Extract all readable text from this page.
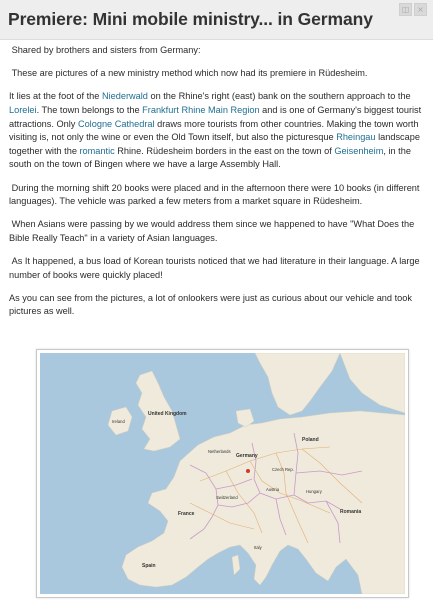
Premiere: Mini mobile ministry... in Germany	◫ ×

Shared by brothers and sisters from Germany:

These are pictures of a new ministry method which now had its premiere in Rüdesheim.

It lies at the foot of the Niederwald on the Rhine's right (east) bank on the southern approach to the Lorelei. The town belongs to the Frankfurt Rhine Main Region and is one of Germany's biggest tourist attractions. Only Cologne Cathedral draws more tourists from other countries. Making the town worth visiting is, not only the wine or even the Old Town itself, but also the picturesque Rheingau landscape together with the romantic Rhine. Rüdesheim borders in the east on the town of Geisenheim, in the south on the town of Bingen where we have a large Assembly Hall.

During the morning shift 20 books were placed and in the afternoon there were 10 books (in different languages). The vehicle was parked a few meters from a market square in Rüdesheim.

When Asians were passing by we would address them since we happened to have "What Does the Bible Really Teach" in a variety of Asian languages.

As It happened, a bus load of Korean tourists noticed that we had literature in their language. A large number of books were quickly placed!

As you can see from the pictures, a lot of onlookers were just as curious about our vehicle and took pictures as well.

United Kingdom
Ireland
Netherlands
Germany
Poland
Czech Rep.
France
Switzerland
Austria	Hungary
Romania
Italy
Spain
